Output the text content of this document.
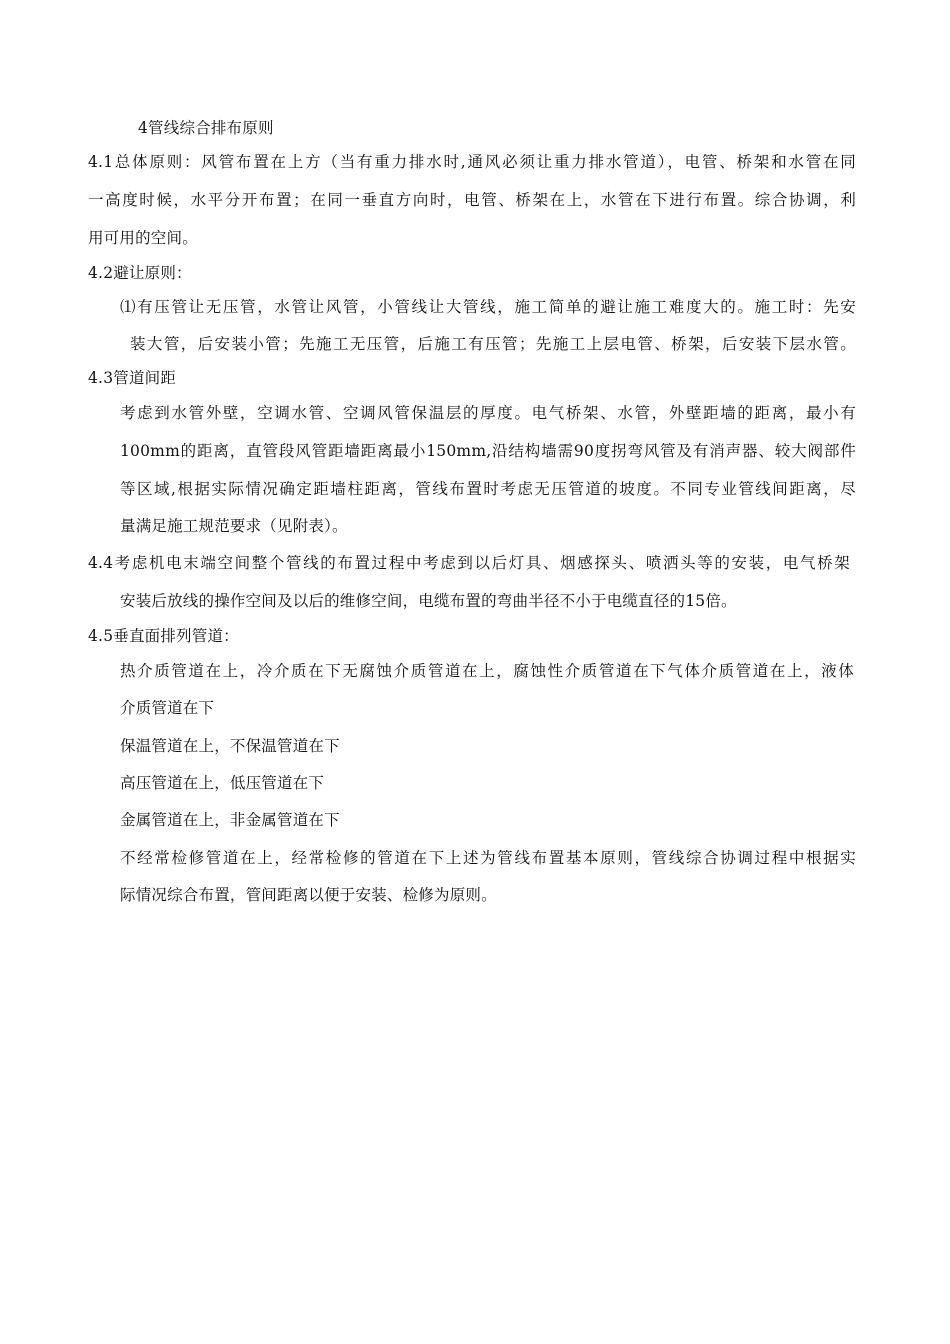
4管线综合排布原则
4.1总体原则：风管布置在上方（当有重力排水时,通风必须让重力排水管道），电管、桥架和水管在同
一高度时候，水平分开布置；在同一垂直方向时，电管、桥架在上，水管在下进行布置。综合协调，利
用可用的空间。
4.2避让原则：
⑴有压管让无压管，水管让风管，小管线让大管线，施工简单的避让施工难度大的。施工时：先安
装大管，后安装小管；先施工无压管，后施工有压管；先施工上层电管、桥架，后安装下层水管。
4.3管道间距
考虑到水管外壁，空调水管、空调风管保温层的厚度。电气桥架、水管，外壁距墙的距离，最小有
100mm的距离，直管段风管距墙距离最小150mm,沿结构墙需90度拐弯风管及有消声器、较大阀部件
等区域,根据实际情况确定距墙柱距离，管线布置时考虑无压管道的坡度。不同专业管线间距离，尽
量满足施工规范要求（见附表）。
4.4考虑机电末端空间整个管线的布置过程中考虑到以后灯具、烟感探头、喷洒头等的安装，电气桥架
安装后放线的操作空间及以后的维修空间，电缆布置的弯曲半径不小于电缆直径的15倍。
4.5垂直面排列管道：
热介质管道在上，冷介质在下无腐蚀介质管道在上，腐蚀性介质管道在下气体介质管道在上，液体
介质管道在下
保温管道在上，不保温管道在下
高压管道在上，低压管道在下
金属管道在上，非金属管道在下
不经常检修管道在上，经常检修的管道在下上述为管线布置基本原则，管线综合协调过程中根据实
际情况综合布置，管间距离以便于安装、检修为原则。
